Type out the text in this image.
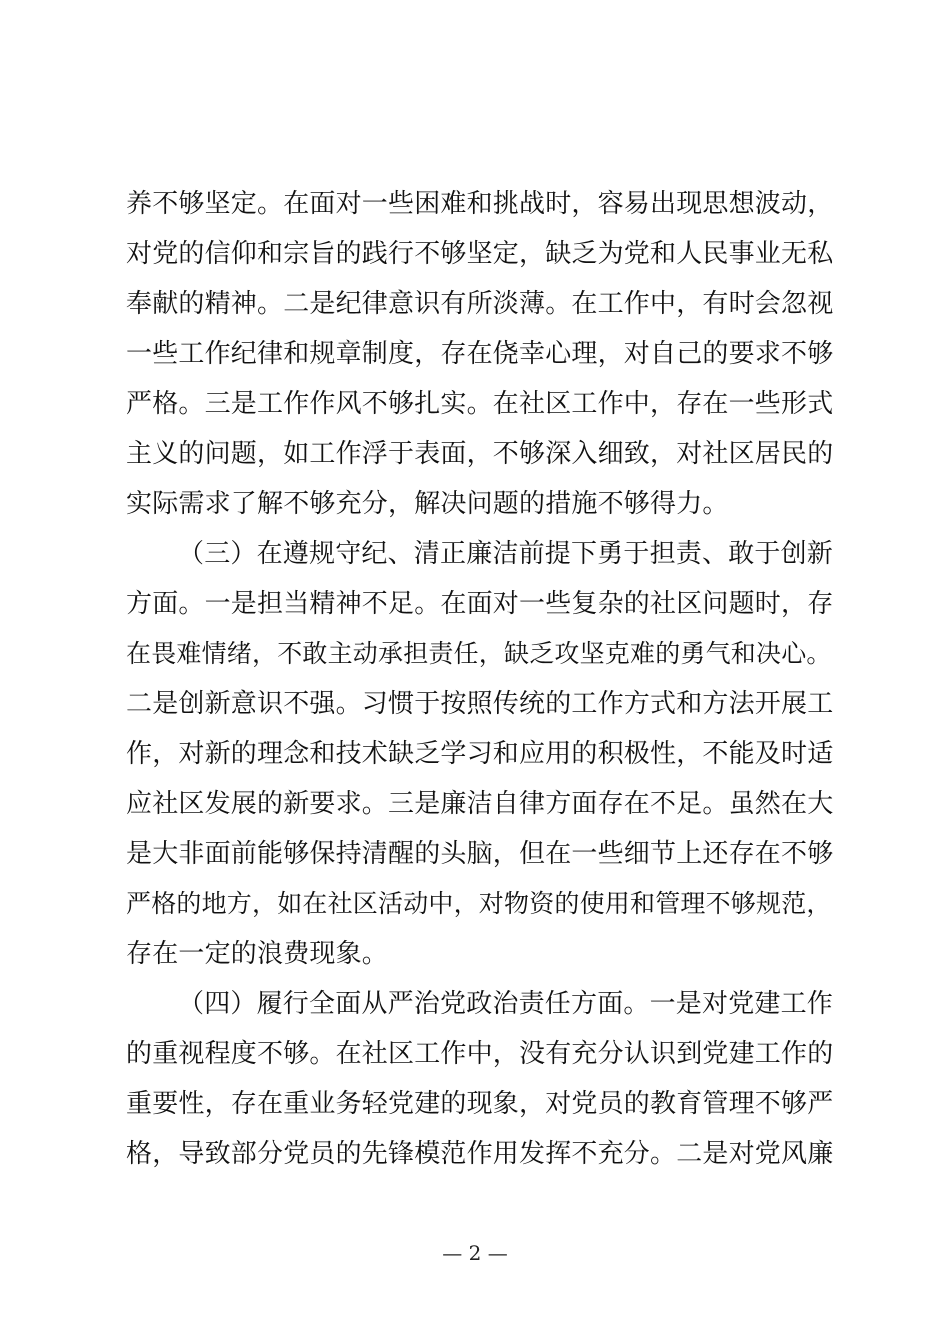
养不够坚定。在面对一些困难和挑战时，容易出现思想波动，
对党的信仰和宗旨的践行不够坚定，缺乏为党和人民事业无私
奉献的精神。二是纪律意识有所淡薄。在工作中，有时会忽视
一些工作纪律和规章制度，存在侥幸心理，对自己的要求不够
严格。三是工作作风不够扎实。在社区工作中，存在一些形式
主义的问题，如工作浮于表面，不够深入细致，对社区居民的
实际需求了解不够充分，解决问题的措施不够得力。
（三）在遵规守纪、清正廉洁前提下勇于担责、敢于创新
方面。一是担当精神不足。在面对一些复杂的社区问题时，存
在畏难情绪，不敢主动承担责任，缺乏攻坚克难的勇气和决心。
二是创新意识不强。习惯于按照传统的工作方式和方法开展工
作，对新的理念和技术缺乏学习和应用的积极性，不能及时适
应社区发展的新要求。三是廉洁自律方面存在不足。虽然在大
是大非面前能够保持清醒的头脑，但在一些细节上还存在不够
严格的地方，如在社区活动中，对物资的使用和管理不够规范，
存在一定的浪费现象。
（四）履行全面从严治党政治责任方面。一是对党建工作
的重视程度不够。在社区工作中，没有充分认识到党建工作的
重要性，存在重业务轻党建的现象，对党员的教育管理不够严
格，导致部分党员的先锋模范作用发挥不充分。二是对党风廉
— 2 —
